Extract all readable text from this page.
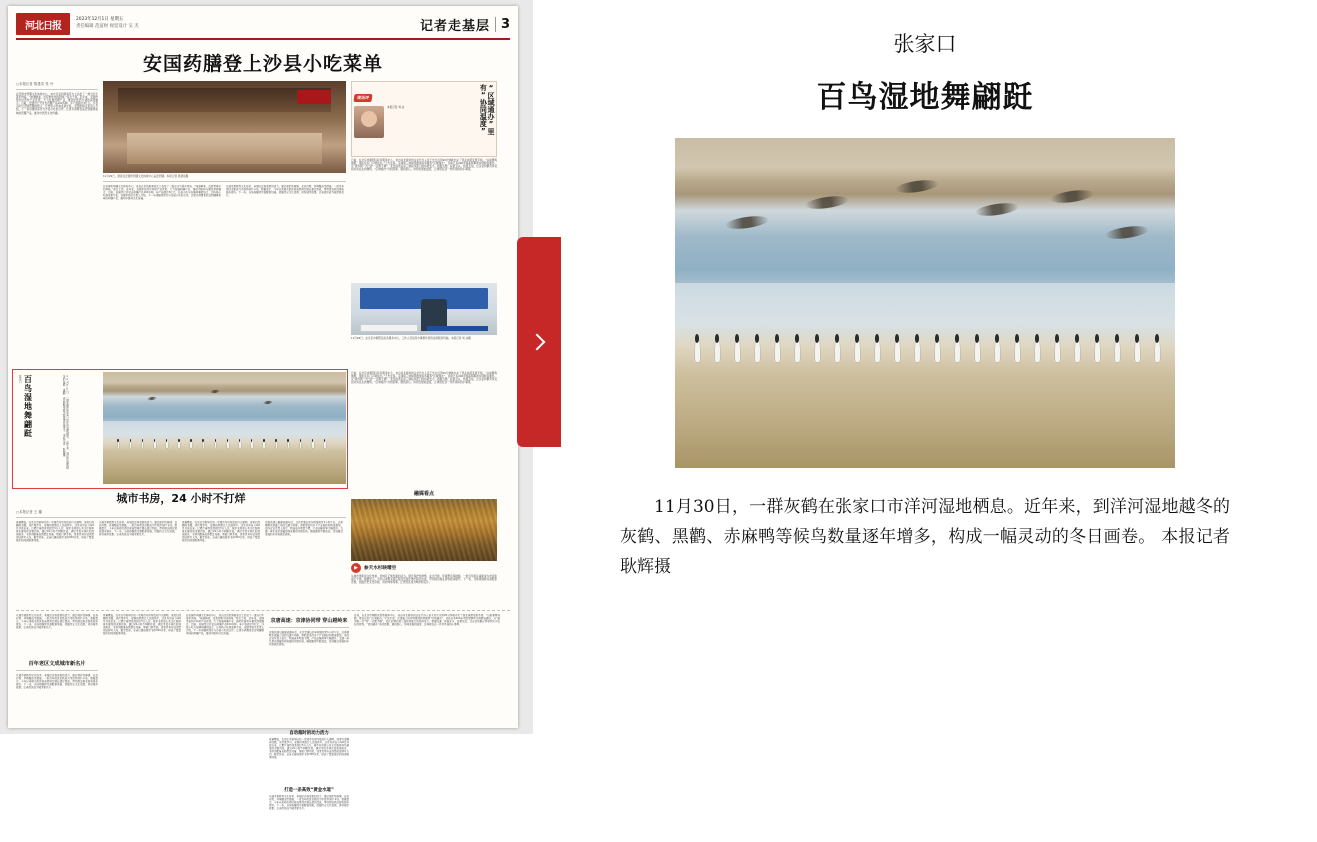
河北日报
2023年12月1日 星期五
责任编辑 范富财 视觉设计 吴 杰	记者走基层 3
安国药膳登上沙县小吃菜单
□本报记者 陈建英 张 丹
在安国市药膳文化体验中心，来自北京的游客张女士品尝了一道当归生姜羊肉汤。“味道鲜美，没有想象中的药味。”张女士说。近年来，安国市依托中药材产业优势，大力发展药膳产业，推动中医药与餐饮深度融合。目前，安国市已开发出药膳产品100多种，年产值超过3亿元。沙县小吃与安国药膳的结合，让传统小吃焕发新生机。安国市相关负责人介绍，下一步将继续深化与沙县小吃的合作，让更多消费者品尝到健康美味的药膳产品，推动中医药文化传播。
11月29日，游客在安国市药膳文化体验中心品尝药膳。本报记者 陈建英摄
在安国市药膳文化体验中心，来自北京的游客张女士品尝了一道当归生姜羊肉汤。“味道鲜美，没有想象中的药味。”张女士说。近年来，安国市依托中药材产业优势，大力发展药膳产业，推动中医药与餐饮深度融合。目前，安国市已开发出药膳产品100多种，年产值超过3亿元。沙县小吃与安国药膳的结合，让传统小吃焕发新生机。安国市相关负责人介绍，下一步将继续深化与沙县小吃的合作，让更多消费者品尝到健康美味的药膳产品，推动中医药文化传播。
从城市更新到文化传承，老城区正焕发新的活力。通过保护性修缮、业态升级、环境整治等措施，一批百年街区重新成为市民休闲打卡地。数据显示，今年以来相关街区客流量同比增长超过四成，带动周边商业营收稳步提升。下一步，当地将继续完善配套设施，挖掘历史文化资源，讲好城市故事，让老街区成为城市新名片。
现场评
本报记者 刘 冰	“区域通办”里有“协同温度”
日前，在北京市朝阳区政务服务中心，来自河北廊坊的企业代办人员王先生仅用20分钟就办完了营业执照变更手续。“以前要两地跑，现在在家门口就能办。”王先生说。京津冀三地持续推进政务服务“区域通办”，目前已有200余项高频事项实现跨省通办。从“最多跑一次”到“一次都不跑”，变化的背后是三地政务部门的协同发力。数据互通、标准互认、结果互信，让企业和群众享受到实实在在的便利。“区域通办”办的是事，通的是心。协同发展的温度，正体现在这一件件具体的小事里。
11月28日，在北京市朝阳区政务服务中心，工作人员指导办事群众使用自助服务终端。本报记者 刘 冰摄
张家口 百鸟湿地舞翩跹	11月30日，一群灰鹤在张家口市洋河湿地栖息。近年来，到洋河湿地越冬的灰鹤、黑鹳、赤麻鸭等候鸟数量逐年增多。本报记者 耿辉摄
日前，在北京市朝阳区政务服务中心，来自河北廊坊的企业代办人员王先生仅用20分钟就办完了营业执照变更手续。“以前要两地跑，现在在家门口就能办。”王先生说。京津冀三地持续推进政务服务“区域通办”，目前已有200余项高频事项实现跨省通办。从“最多跑一次”到“一次都不跑”，变化的背后是三地政务部门的协同发力。数据互通、标准互认、结果互信，让企业和群众享受到实实在在的便利。“区域通办”办的是事，通的是心。协同发展的温度，正体现在这一件件具体的小事里。
城市书房，24 小时不打烊
□本报记者 王 璐
夜幕降临，石家庄市裕华区的一家城市书房内依然灯火通明。读者们或翻阅书籍，或伏案学习，安静的氛围让人沉浸其中。这家书房自今年6月开放以来，已累计接待读者超过5万人次。城市书房是公共文化服务体系建设的重要内容，通过24小时不间断开放，满足市民多样化的阅读需求。书房内配备自助借还设备、智能门禁系统，读者凭身份证或借阅证即可入内。截至目前，全省已建成城市书房300余家，形成了覆盖城乡的阅读服务网络。
从城市更新到文化传承，老城区正焕发新的活力。通过保护性修缮、业态升级、环境整治等措施，一批百年街区重新成为市民休闲打卡地。数据显示，今年以来相关街区客流量同比增长超过四成，带动周边商业营收稳步提升。下一步，当地将继续完善配套设施，挖掘历史文化资源，讲好城市故事，让老街区成为城市新名片。
夜幕降临，石家庄市裕华区的一家城市书房内依然灯火通明。读者们或翻阅书籍，或伏案学习，安静的氛围让人沉浸其中。这家书房自今年6月开放以来，已累计接待读者超过5万人次。城市书房是公共文化服务体系建设的重要内容，通过24小时不间断开放，满足市民多样化的阅读需求。书房内配备自助借还设备、智能门禁系统，读者凭身份证或借阅证即可入内。截至目前，全省已建成城市书房300余家，形成了覆盖城乡的阅读服务网络。
京唐高速公路建成通车后，北京至唐山的车程缩短至1小时左右。这条横跨京津冀三地的交通大动脉，串联起沿线多个产业园区和物流枢纽。沿线企业负责人表示，物流成本明显下降，产品运输效率大幅提升。交通一体化是京津冀协同发展的骨骼系统，随着路网不断加密，区域融合发展的步伐将越走越快。
融媒看点
▶	参天水杉映晴空
从城市更新到文化传承，老城区正焕发新的活力。通过保护性修缮、业态升级、环境整治等措施，一批百年街区重新成为市民休闲打卡地。数据显示，今年以来相关街区客流量同比增长超过四成，带动周边商业营收稳步提升。下一步，当地将继续完善配套设施，挖掘历史文化资源，讲好城市故事，让老街区成为城市新名片。
从城市更新到文化传承，老城区正焕发新的活力。通过保护性修缮、业态升级、环境整治等措施，一批百年街区重新成为市民休闲打卡地。数据显示，今年以来相关街区客流量同比增长超过四成，带动周边商业营收稳步提升。下一步，当地将继续完善配套设施，挖掘历史文化资源，讲好城市故事，让老街区成为城市新名片。
百年老区文成城市新名片
从城市更新到文化传承，老城区正焕发新的活力。通过保护性修缮、业态升级、环境整治等措施，一批百年街区重新成为市民休闲打卡地。数据显示，今年以来相关街区客流量同比增长超过四成，带动周边商业营收稳步提升。下一步，当地将继续完善配套设施，挖掘历史文化资源，讲好城市故事，让老街区成为城市新名片。
夜幕降临，石家庄市裕华区的一家城市书房内依然灯火通明。读者们或翻阅书籍，或伏案学习，安静的氛围让人沉浸其中。这家书房自今年6月开放以来，已累计接待读者超过5万人次。城市书房是公共文化服务体系建设的重要内容，通过24小时不间断开放，满足市民多样化的阅读需求。书房内配备自助借还设备、智能门禁系统，读者凭身份证或借阅证即可入内。截至目前，全省已建成城市书房300余家，形成了覆盖城乡的阅读服务网络。
在安国市药膳文化体验中心，来自北京的游客张女士品尝了一道当归生姜羊肉汤。“味道鲜美，没有想象中的药味。”张女士说。近年来，安国市依托中药材产业优势，大力发展药膳产业，推动中医药与餐饮深度融合。目前，安国市已开发出药膳产品100多种，年产值超过3亿元。沙县小吃与安国药膳的结合，让传统小吃焕发新生机。安国市相关负责人介绍，下一步将继续深化与沙县小吃的合作，让更多消费者品尝到健康美味的药膳产品，推动中医药文化传播。
京唐高速：京津协同带 穿山越岭来
京唐高速公路建成通车后，北京至唐山的车程缩短至1小时左右。这条横跨京津冀三地的交通大动脉，串联起沿线多个产业园区和物流枢纽。沿线企业负责人表示，物流成本明显下降，产品运输效率大幅提升。交通一体化是京津冀协同发展的骨骼系统，随着路网不断加密，区域融合发展的步伐将越走越快。
自动超时的动力活力
夜幕降临，石家庄市裕华区的一家城市书房内依然灯火通明。读者们或翻阅书籍，或伏案学习，安静的氛围让人沉浸其中。这家书房自今年6月开放以来，已累计接待读者超过5万人次。城市书房是公共文化服务体系建设的重要内容，通过24小时不间断开放，满足市民多样化的阅读需求。书房内配备自助借还设备、智能门禁系统，读者凭身份证或借阅证即可入内。截至目前，全省已建成城市书房300余家，形成了覆盖城乡的阅读服务网络。
打造一条高效“黄金水道”
从城市更新到文化传承，老城区正焕发新的活力。通过保护性修缮、业态升级、环境整治等措施，一批百年街区重新成为市民休闲打卡地。数据显示，今年以来相关街区客流量同比增长超过四成，带动周边商业营收稳步提升。下一步，当地将继续完善配套设施，挖掘历史文化资源，讲好城市故事，让老街区成为城市新名片。
日前，在北京市朝阳区政务服务中心，来自河北廊坊的企业代办人员王先生仅用20分钟就办完了营业执照变更手续。“以前要两地跑，现在在家门口就能办。”王先生说。京津冀三地持续推进政务服务“区域通办”，目前已有200余项高频事项实现跨省通办。从“最多跑一次”到“一次都不跑”，变化的背后是三地政务部门的协同发力。数据互通、标准互认、结果互信，让企业和群众享受到实实在在的便利。“区域通办”办的是事，通的是心。协同发展的温度，正体现在这一件件具体的小事里。
张家口
百鸟湿地舞翩跹
11月30日，一群灰鹤在张家口市洋河湿地栖息。近年来，到洋河湿地越冬的灰鹤、黑鹳、赤麻鸭等候鸟数量逐年增多，构成一幅灵动的冬日画卷。 本报记者 耿辉摄
